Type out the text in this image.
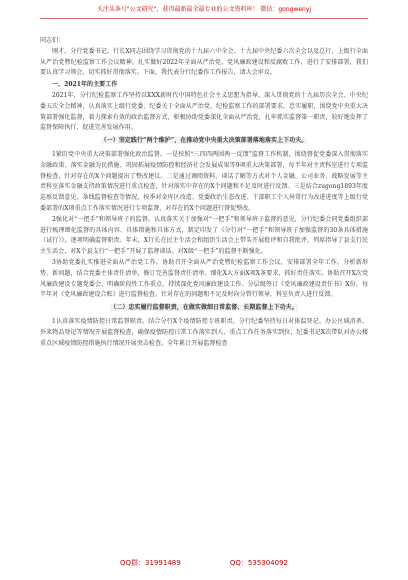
关注头条号"公文研究"，获得最新最全最专业的公文资料库！ 微信：gongwenyj

同志们：

刚才，分行党委书记，行长X同志围绕学习贯彻党的十九届六中全会、十九届中央纪委六次全会以及总行、上级行全面从严治党暨纪检监察工作会议精神，扎实做好2022年全面从严治党、党风廉政建设和反腐败工作，进行了安排部署，我们要认真学习领会，切实抓好贯彻落实。下面，我代表分行纪委作工作报告，请大会审议。

一、2021年的主要工作

2021年，分行纪检监察工作坚持以XXX新时代中国特色社会主义思想为指导，深入贯彻党的十九届历次全会、中央纪委五次全会精神，认真落实上级行党委、纪委关于全面从严治党、纪检监察工作的部署要求，忠实履职，围绕党中央重大决策部署强化监督，着力探索有效的政治监督方式，积极协助党委深化全面从严治党，扎牢抓实监督第一职责，较好地发挥了监督保障执行、促进完善发展作用。

（一）坚定践行“两个维护”，在推动党中央重大决策部署落地落实上下功夫。

1紧盯党中央重大决策部署强化政治监督。一是按照“三四四两围两一反馈”监督工作机制，围绕督促党委深入贯彻落实金融政策、落实金融为民措施、巩固拓展疫情防控和经济社会发展成果等9项重大决策部署，每半年对主责科室进行专项监督检查，针对存在的X个问题提出了整改建议。二是通过调阅资料、谈话了解等方式对个人金融、公司业务、战略发展等主责科室落实金融支持政策情况进行重点检查，针对落实中存在的X个问题和不足及时进行反馈。三是结合zugong1893年度巡察反馈意见、条线监督检查等情况，按季对金库区改造、党委政治生态改进、干部职工个人异常行为改进进度等上级行党委部署的X项重点工作落实情况进行专项监督，对存在的X个问题进行督促整改。

2强化对“一把手”和领导班子的监督。认真落实关于加强对“一把手”和领导班子监督的意见，分行纪委会同党委组织部进行梳理细化监督的具体内容、具体措施和具体方式，制定印发了《分行对“一把手”和领导班子加强监督的30条具体措施（试行）》，逐项明确监督职责。年末，X行长在民主生活会和组织生活会上带头开展批评和自我批评，列席指导了县支行民主生活会，对X个县支行“一把手”开展了监督谈话。对X级“一把手”的监督不断强化。

3协助党委扎实推进全面从严治党工作。协助召开全面从严治党暨纪检监察工作会议，安排部署全年工作。分析新形势、新问题，结合党委主体责任清单，修订完善监督责任清单。细化X大方面X项X条要求，抓好责任落实。协助召开X次党风廉政建设专题党委会，明确阶段性工作重点，持续深化党风廉政建设工作。分层级签订《党风廉政建设责任书》X份。每半年对《党风廉政建设合账》进行监督检查，针对存在的问题和不足及时向分管行领导，科室负责人进行反馈。

（二）忠实履行监督职责，在做实做细日常监督、长期监督上下功夫。

1认真落实疫情防控日常监督职责。结合分行X个疫情防控专班职责，分行纪委坚持每日对体温登记、办公区域消杀、外来物品登记等情况开展监督检查，确保疫情防控日常工作落实到人，重点工作任务落实到位，纪委书记X次带队对办公楼重点区域疫情防控措施执行情况开展突击检查。全年累计开展监督检查

QQ群：31991489	QQ：535304092
